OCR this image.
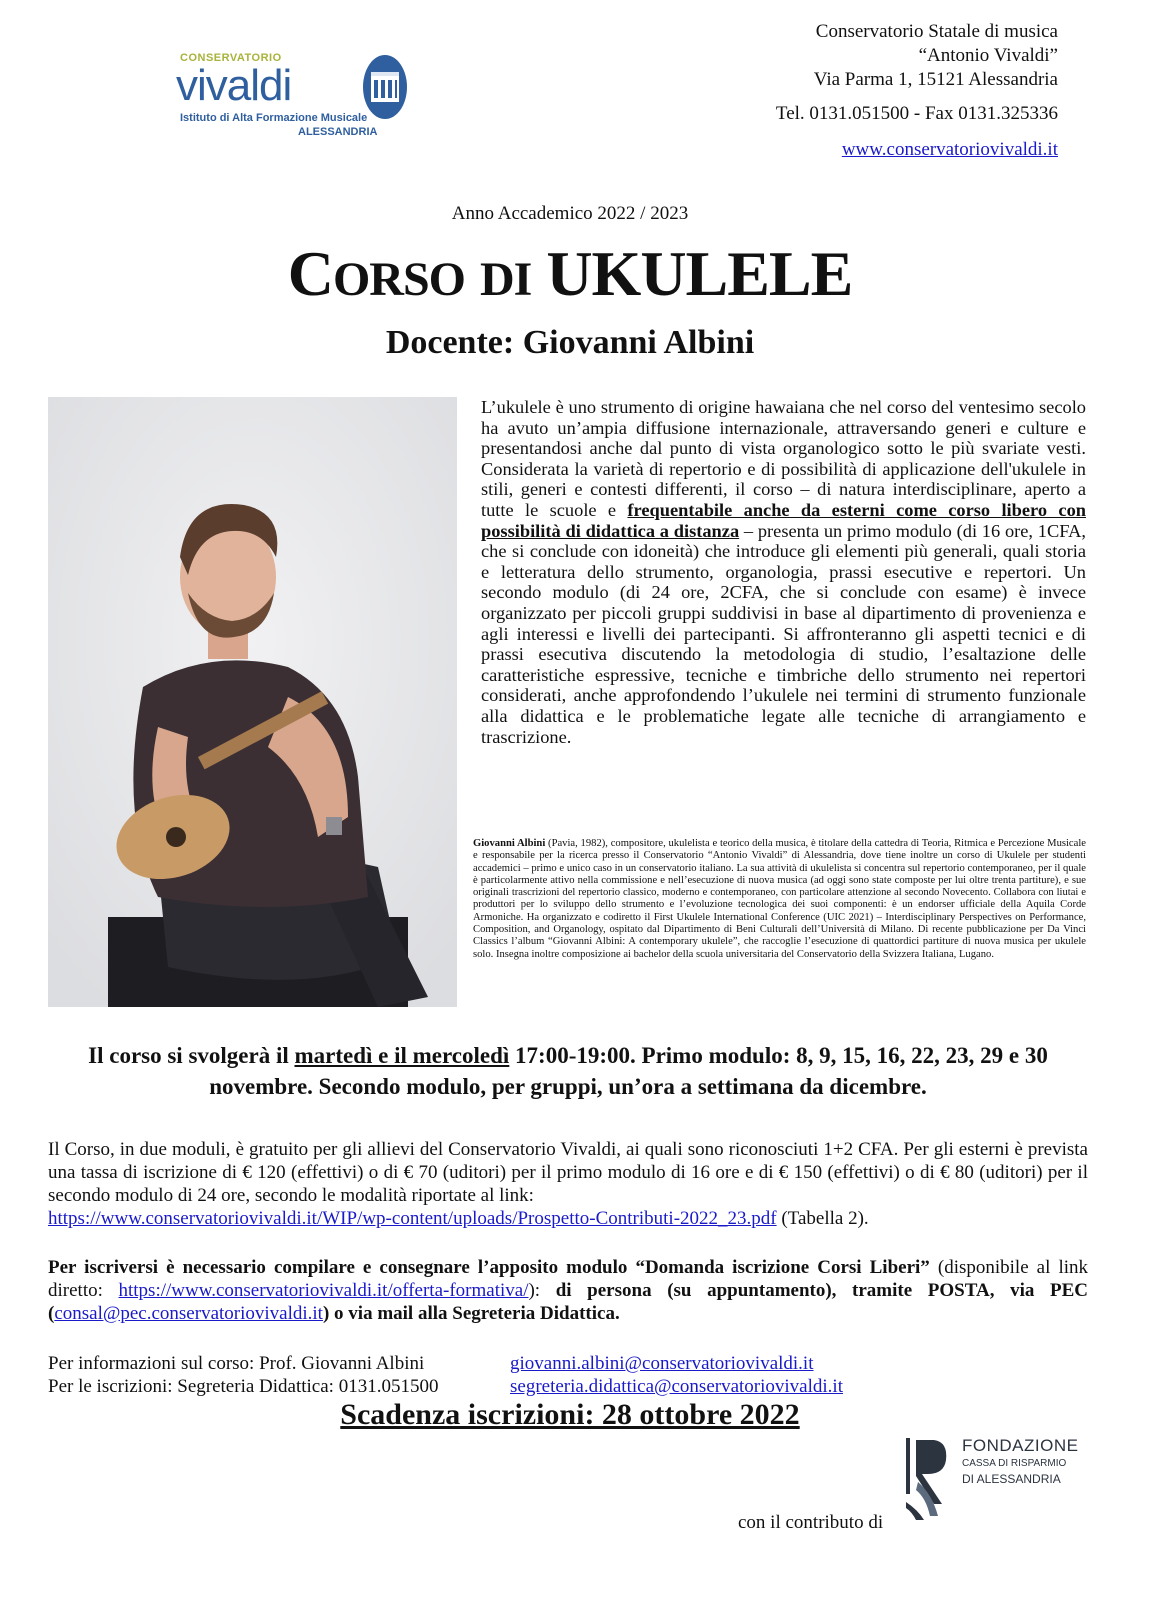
CONSERVATORIO
vivaldi
Istituto di Alta Formazione Musicale
ALESSANDRIA
Conservatorio Statale di musica
“Antonio Vivaldi”
Via Parma 1, 15121 Alessandria
Tel. 0131.051500 - Fax 0131.325336
www.conservatoriovivaldi.it
Anno Accademico 2022 / 2023
CORSO DI UKULELE
Docente: Giovanni Albini
L’ukulele è uno strumento di origine hawaiana che nel corso del ventesimo secolo ha avuto un’ampia diffusione internazionale, attraversando generi e culture e presentandosi anche dal punto di vista organologico sotto le più svariate vesti. Considerata la varietà di repertorio e di possibilità di applicazione dell'ukulele in stili, generi e contesti differenti, il corso – di natura interdisciplinare, aperto a tutte le scuole e frequentabile anche da esterni come corso libero con possibilità di didattica a distanza – presenta un primo modulo (di 16 ore, 1CFA, che si conclude con idoneità) che introduce gli elementi più generali, quali storia e letteratura dello strumento, organologia, prassi esecutive e repertori. Un secondo modulo (di 24 ore, 2CFA, che si conclude con esame) è invece organizzato per piccoli gruppi suddivisi in base al dipartimento di provenienza e agli interessi e livelli dei partecipanti. Si affronteranno gli aspetti tecnici e di prassi esecutiva discutendo la metodologia di studio, l’esaltazione delle caratteristiche espressive, tecniche e timbriche dello strumento nei repertori considerati, anche approfondendo l’ukulele nei termini di strumento funzionale alla didattica e le problematiche legate alle tecniche di arrangiamento e trascrizione.
Giovanni Albini (Pavia, 1982), compositore, ukulelista e teorico della musica, è titolare della cattedra di Teoria, Ritmica e Percezione Musicale e responsabile per la ricerca presso il Conservatorio “Antonio Vivaldi” di Alessandria, dove tiene inoltre un corso di Ukulele per studenti accademici – primo e unico caso in un conservatorio italiano. La sua attività di ukulelista si concentra sul repertorio contemporaneo, per il quale è particolarmente attivo nella commissione e nell’esecuzione di nuova musica (ad oggi sono state composte per lui oltre trenta partiture), e sue originali trascrizioni del repertorio classico, moderno e contemporaneo, con particolare attenzione al secondo Novecento. Collabora con liutai e produttori per lo sviluppo dello strumento e l’evoluzione tecnologica dei suoi componenti: è un endorser ufficiale della Aquila Corde Armoniche. Ha organizzato e codiretto il First Ukulele International Conference (UIC 2021) – Interdisciplinary Perspectives on Performance, Composition, and Organology, ospitato dal Dipartimento di Beni Culturali dell’Università di Milano. Di recente pubblicazione per Da Vinci Classics l’album “Giovanni Albini: A contemporary ukulele”, che raccoglie l’esecuzione di quattordici partiture di nuova musica per ukulele solo. Insegna inoltre composizione ai bachelor della scuola universitaria del Conservatorio della Svizzera Italiana, Lugano.
Il corso si svolgerà il martedì e il mercoledì 17:00-19:00. Primo modulo: 8, 9, 15, 16, 22, 23, 29 e 30 novembre. Secondo modulo, per gruppi, un’ora a settimana da dicembre.
Il Corso, in due moduli, è gratuito per gli allievi del Conservatorio Vivaldi, ai quali sono riconosciuti 1+2 CFA. Per gli esterni è prevista una tassa di iscrizione di € 120 (effettivi) o di € 70 (uditori) per il primo modulo di 16 ore e di € 150 (effettivi) o di € 80 (uditori) per il secondo modulo di 24 ore, secondo le modalità riportate al link:
https://www.conservatoriovivaldi.it/WIP/wp-content/uploads/Prospetto-Contributi-2022_23.pdf (Tabella 2).
Per iscriversi è necessario compilare e consegnare l’apposito modulo “Domanda iscrizione Corsi Liberi” (disponibile al link diretto: https://www.conservatoriovivaldi.it/offerta-formativa/): di persona (su appuntamento), tramite POSTA, via PEC (consal@pec.conservatoriovivaldi.it) o via mail alla Segreteria Didattica.
Per informazioni sul corso: Prof. Giovanni Albini	giovanni.albini@conservatoriovivaldi.it
Per le iscrizioni: Segreteria Didattica: 0131.051500	segreteria.didattica@conservatoriovivaldi.it
Scadenza iscrizioni: 28 ottobre 2022
con il contributo di
FONDAZIONE
CASSA DI RISPARMIO
DI ALESSANDRIA
